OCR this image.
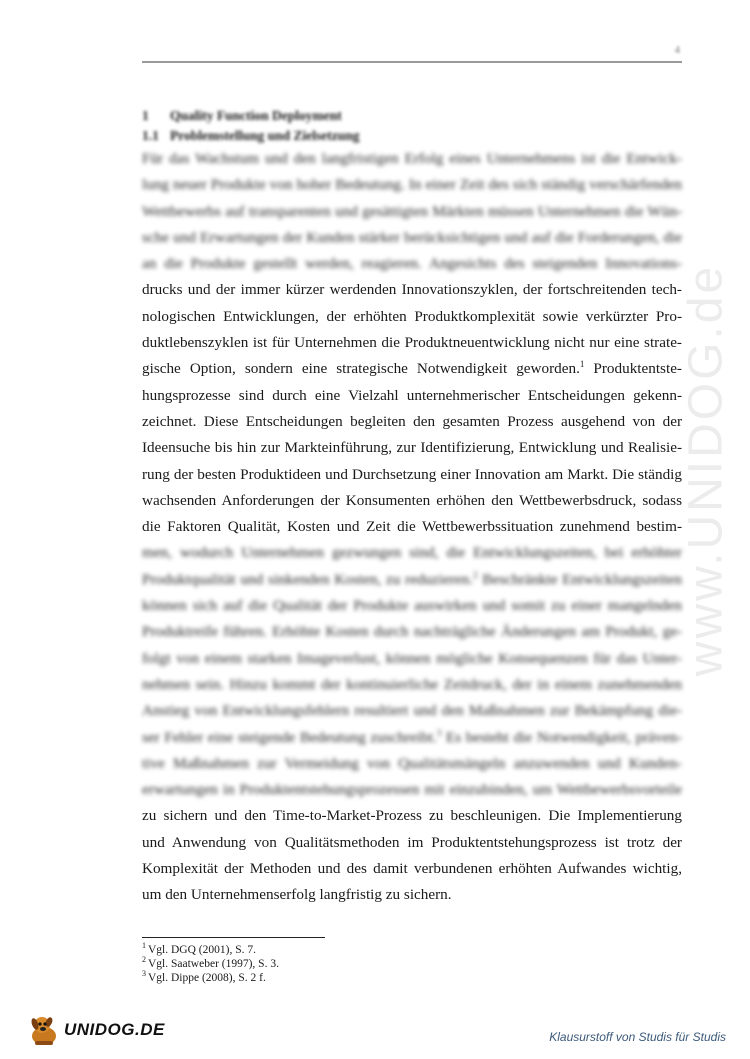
4
1 Quality Function Deployment
1.1 Problemstellung und Zielsetzung
Für das Wachstum und den langfristigen Erfolg eines Unternehmens ist die Entwick-
lung neuer Produkte von hoher Bedeutung. In einer Zeit des sich ständig verschärfenden
Wettbewerbs auf transparenten und gesättigten Märkten müssen Unternehmen die Wün-
sche und Erwartungen der Kunden stärker berücksichtigen und auf die Forderungen, die
an die Produkte gestellt werden, reagieren. Angesichts des steigenden Innovations-
drucks und der immer kürzer werdenden Innovationszyklen, der fortschreitenden tech-
nologischen Entwicklungen, der erhöhten Produktkomplexität sowie verkürzter Pro-
duktlebenszyklen ist für Unternehmen die Produktneuentwicklung nicht nur eine strate-
gische Option, sondern eine strategische Notwendigkeit geworden.$^1$ Produktentste-
hungsprozesse sind durch eine Vielzahl unternehmerischer Entscheidungen gekenn-
zeichnet. Diese Entscheidungen begleiten den gesamten Prozess ausgehend von der
Ideensuche bis hin zur Markteinführung, zur Identifizierung, Entwicklung und Realisie-
rung der besten Produktideen und Durchsetzung einer Innovation am Markt. Die ständig
wachsenden Anforderungen der Konsumenten erhöhen den Wettbewerbsdruck, sodass
die Faktoren Qualität, Kosten und Zeit die Wettbewerbssituation zunehmend bestim-
men, wodurch Unternehmen gezwungen sind, die Entwicklungszeiten, bei erhöhter
Produktqualität und sinkenden Kosten, zu reduzieren.$^2$ Beschränkte Entwicklungszeiten
können sich auf die Qualität der Produkte auswirken und somit zu einer mangelnden
Produktreife führen. Erhöhte Kosten durch nachträgliche Änderungen am Produkt, ge-
folgt von einem starken Imageverlust, können mögliche Konsequenzen für das Unter-
nehmen sein. Hinzu kommt der kontinuierliche Zeitdruck, der in einem zunehmenden
Anstieg von Entwicklungsfehlern resultiert und den Maßnahmen zur Bekämpfung die-
ser Fehler eine steigende Bedeutung zuschreibt.$^3$ Es besteht die Notwendigkeit, präven-
tive Maßnahmen zur Vermeidung von Qualitätsmängeln anzuwenden und Kunden-
erwartungen in Produktentstehungsprozessen mit einzubinden, um Wettbewerbsvorteile
zu sichern und den Time-to-Market-Prozess zu beschleunigen. Die Implementierung
und Anwendung von Qualitätsmethoden im Produktentstehungsprozess ist trotz der
Komplexität der Methoden und des damit verbundenen erhöhten Aufwandes wichtig,
um den Unternehmenserfolg langfristig zu sichern.
$^1$ Vgl. DGQ (2001), S. 7.
$^2$ Vgl. Saatweber (1997), S. 3.
$^3$ Vgl. Dippe (2008), S. 2 f.
www.UNIDOG.de
UNIDOG.DE	Klausurstoff von Studis für Studis
